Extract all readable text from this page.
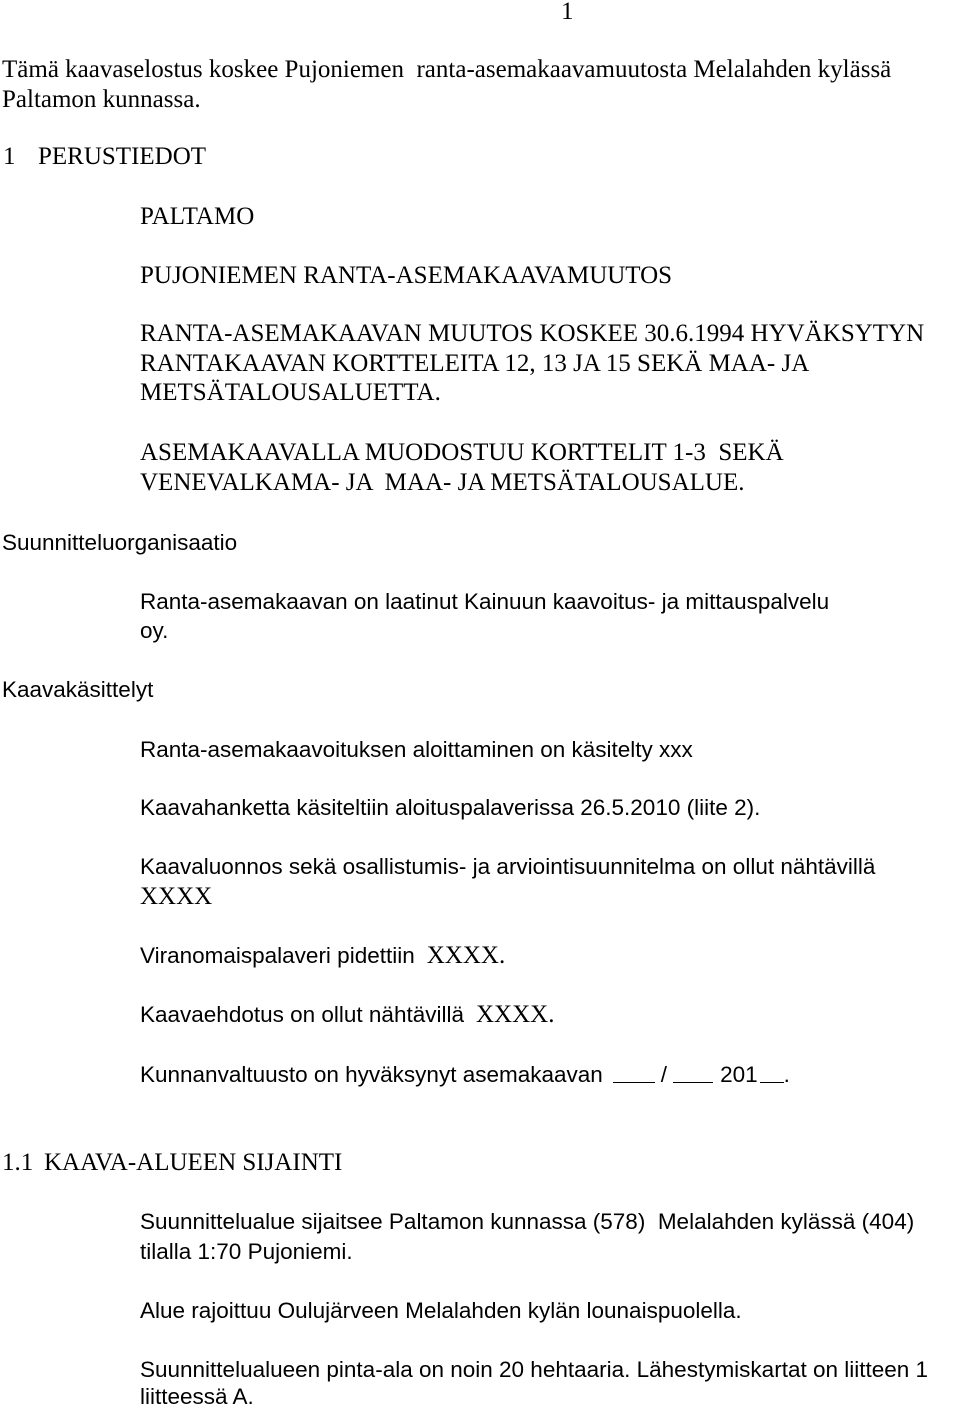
1
Tämä kaavaselostus koskee Pujoniemen  ranta-asemakaavamuutosta Melalahden kylässä
Paltamon kunnassa.
1 PERUSTIEDOT
PALTAMO
PUJONIEMEN RANTA-ASEMAKAAVAMUUTOS
RANTA-ASEMAKAAVAN MUUTOS KOSKEE 30.6.1994 HYVÄKSYTYN
RANTAKAAVAN KORTTELEITA 12, 13 JA 15 SEKÄ MAA- JA
METSÄTALOUSALUETTA.
ASEMAKAAVALLA MUODOSTUU KORTTELIT 1-3  SEKÄ
VENEVALKAMA- JA  MAA- JA METSÄTALOUSALUE.
Suunnitteluorganisaatio
Ranta-asemakaavan on laatinut Kainuun kaavoitus- ja mittauspalvelu
oy.
Kaavakäsittelyt
Ranta-asemakaavoituksen aloittaminen on käsitelty xxx
Kaavahanketta käsiteltiin aloituspalaverissa 26.5.2010 (liite 2).
Kaavaluonnos sekä osallistumis- ja arviointisuunnitelma on ollut nähtävillä
XXXX
Viranomaispalaveri pidettiin XXXX.
Kaavaehdotus on ollut nähtävillä XXXX.
Kunnanvaltuusto on hyväksynyt asemakaavan	/ 201 .
1.1 KAAVA-ALUEEN SIJAINTI
Suunnittelualue sijaitsee Paltamon kunnassa (578)  Melalahden kylässä (404)
tilalla 1:70 Pujoniemi.
Alue rajoittuu Oulujärveen Melalahden kylän lounaispuolella.
Suunnittelualueen pinta-ala on noin 20 hehtaaria. Lähestymiskartat on liitteen 1
liitteessä A.
